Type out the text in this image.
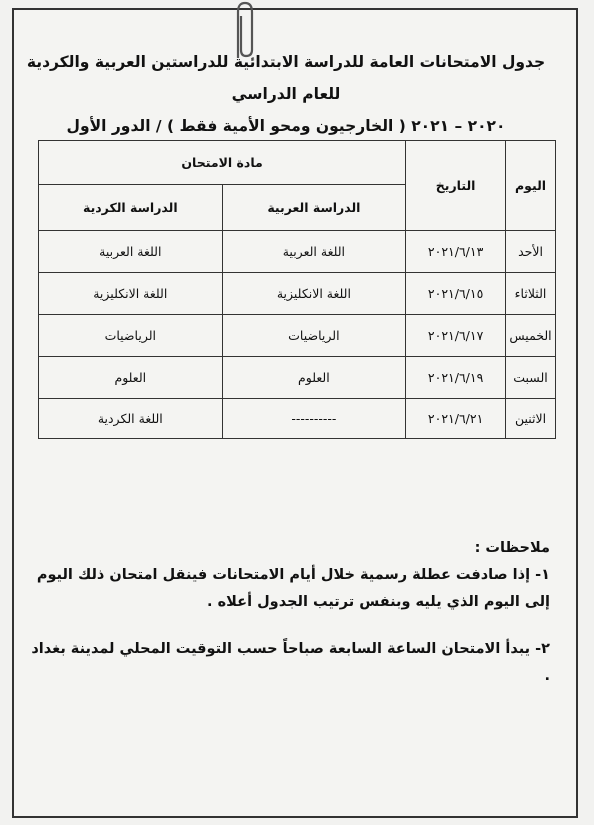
جدول الامتحانات العامة للدراسة الابتدائية للدراستين العربية والكردية للعام الدراسي
٢٠٢٠ – ٢٠٢١ ( الخارجيون ومحو الأمية فقط ) / الدور الأول
اليوم	التاريخ	مادة الامتحان	
		الدراسة العربية	الدراسة الكردية
الأحد	٢٠٢١/٦/١٣	اللغة العربية	اللغة العربية
الثلاثاء	٢٠٢١/٦/١٥	اللغة الانكليزية	اللغة الانكليزية
الخميس	٢٠٢١/٦/١٧	الرياضيات	الرياضيات
السبت	٢٠٢١/٦/١٩	العلوم	العلوم
الاثنين	٢٠٢١/٦/٢١	----------	اللغة الكردية
ملاحظات :
١- إذا صادفت عطلة رسمية خلال أيام الامتحانات فينقل امتحان ذلك اليوم إلى اليوم الذي يليه وبنفس ترتيب الجدول أعلاه .
٢- يبدأ الامتحان الساعة السابعة صباحاً حسب التوقيت المحلي لمدينة بغداد .
